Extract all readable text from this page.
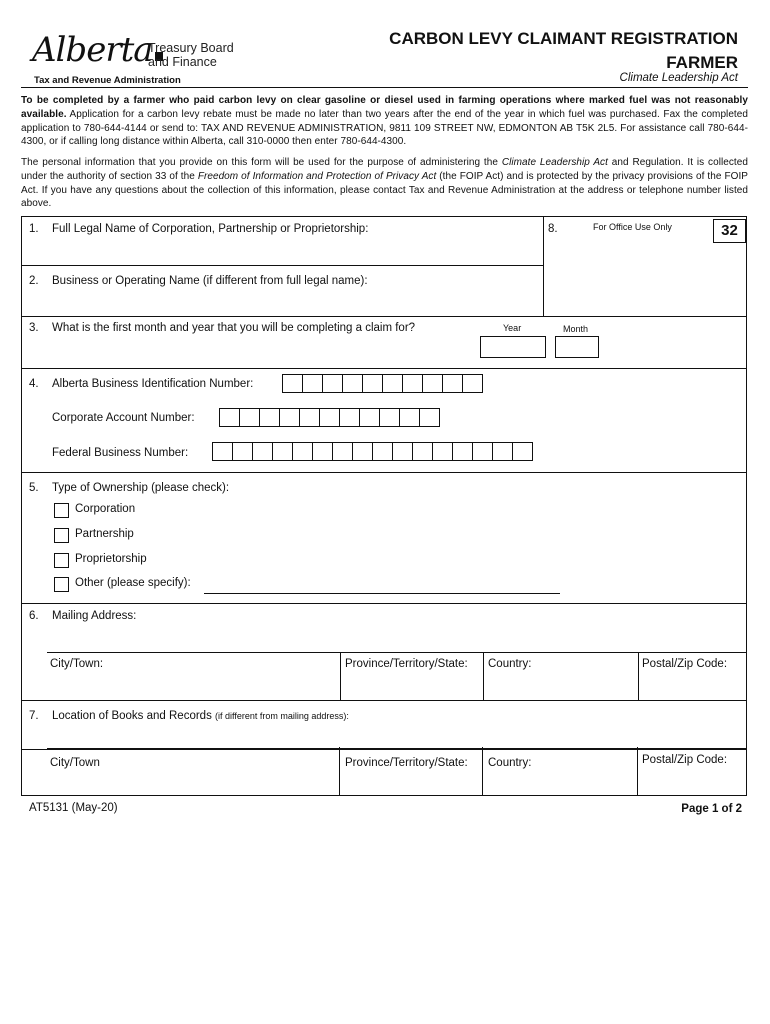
Alberta
Treasury Board
and Finance
Tax and Revenue Administration
CARBON LEVY CLAIMANT REGISTRATION
FARMER
Climate Leadership Act
To be completed by a farmer who paid carbon levy on clear gasoline or diesel used in farming operations where marked fuel was not reasonably available. Application for a carbon levy rebate must be made no later than two years after the end of the year in which fuel was purchased. Fax the completed application to 780-644-4144 or send to: TAX AND REVENUE ADMINISTRATION, 9811 109 STREET NW, EDMONTON AB T5K 2L5. For assistance call 780-644-4300, or if calling long distance within Alberta, call 310-0000 then enter 780-644-4300.
The personal information that you provide on this form will be used for the purpose of administering the Climate Leadership Act and Regulation. It is collected under the authority of section 33 of the Freedom of Information and Protection of Privacy Act (the FOIP Act) and is protected by the privacy provisions of the FOIP Act. If you have any questions about the collection of this information, please contact Tax and Revenue Administration at the address or telephone number listed above.
1. Full Legal Name of Corporation, Partnership or Proprietorship:	8.	For Office Use Only	32
2. Business or Operating Name (if different from full legal name):
3. What is the first month and year that you will be completing a claim for?	Year	Month
4. Alberta Business Identification Number:
Corporate Account Number:
Federal Business Number:
5. Type of Ownership (please check):
Corporation
Partnership
Proprietorship
Other (please specify):
6. Mailing Address:
City/Town:	Province/Territory/State: Country:	Postal/Zip Code:
7. Location of Books and Records (if different from mailing address):
City/Town	Province/Territory/State: Country:	Postal/Zip Code:
AT5131 (May-20)	Page 1 of 2
